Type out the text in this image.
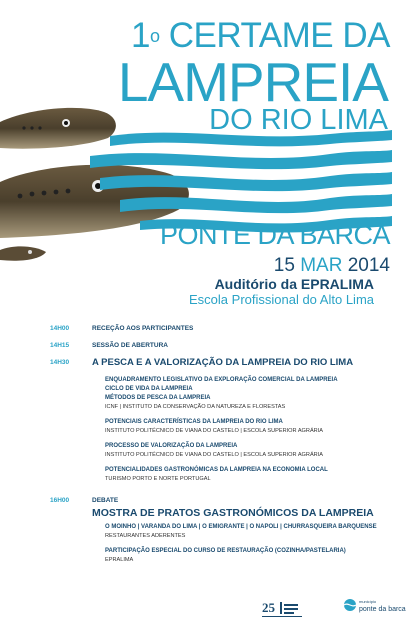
1$^o$ CERTAME DA
LAMPREIA
DO RIO LIMA
PONTE DA BARCA
15 MAR 2014
Auditório da EPRALIMA
Escola Profissional do Alto Lima
14H00	RECEÇÃO AOS PARTICIPANTES
14H15	SESSÃO DE ABERTURA
14H30	A PESCA E A VALORIZAÇÃO DA LAMPREIA DO RIO LIMA
ENQUADRAMENTO LEGISLATIVO DA EXPLORAÇÃO COMERCIAL DA LAMPREIA
CICLO DE VIDA DA LAMPREIA
MÉTODOS DE PESCA DA LAMPREIA
ICNF | INSTITUTO DA CONSERVAÇÃO DA NATUREZA E FLORESTAS
POTENCIAIS CARACTERÍSTICAS DA LAMPREIA DO RIO LIMA
INSTITUTO POLITÉCNICO DE VIANA DO CASTELO | ESCOLA SUPERIOR AGRÁRIA
PROCESSO DE VALORIZAÇÃO DA LAMPREIA
INSTITUTO POLITÉCNICO DE VIANA DO CASTELO | ESCOLA SUPERIOR AGRÁRIA
POTENCIALIDADES GASTRONÓMICAS DA LAMPREIA NA ECONOMIA LOCAL
TURISMO PORTO E NORTE PORTUGAL
16H00	DEBATE
MOSTRA DE PRATOS GASTRONÓMICOS DA LAMPREIA
O MOINHO | VARANDA DO LIMA | O EMIGRANTE | O NAPOLI | CHURRASQUEIRA BARQUENSE
RESTAURANTES ADERENTES
PARTICIPAÇÃO ESPECIAL DO CURSO DE RESTAURAÇÃO (COZINHA/PASTELARIA)
EPRALIMA
25	município
ponte da barca
